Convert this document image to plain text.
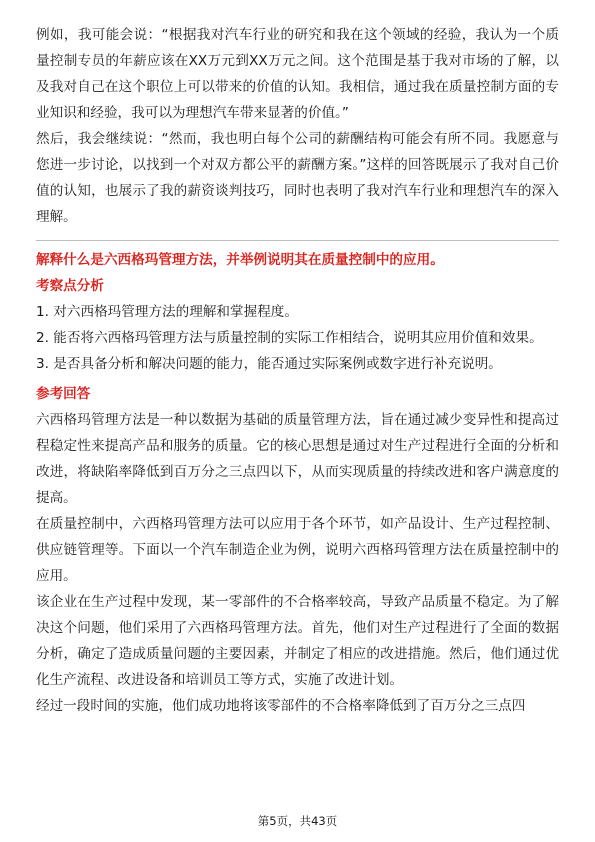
例如，我可能会说：“根据我对汽车行业的研究和我在这个领域的经验，我认为一个质量控制专员的年薪应该在XX万元到XX万元之间。这个范围是基于我对市场的了解，以及我对自己在这个职位上可以带来的价值的认知。我相信，通过我在质量控制方面的专业知识和经验，我可以为理想汽车带来显著的价值。”

然后，我会继续说：“然而，我也明白每个公司的薪酬结构可能会有所不同。我愿意与您进一步讨论，以找到一个对双方都公平的薪酬方案。”这样的回答既展示了我对自己价值的认知，也展示了我的薪资谈判技巧，同时也表明了我对汽车行业和理想汽车的深入理解。

解释什么是六西格玛管理方法，并举例说明其在质量控制中的应用。

考察点分析

1. 对六西格玛管理方法的理解和掌握程度。

2. 能否将六西格玛管理方法与质量控制的实际工作相结合，说明其应用价值和效果。

3. 是否具备分析和解决问题的能力，能否通过实际案例或数字进行补充说明。

参考回答

六西格玛管理方法是一种以数据为基础的质量管理方法，旨在通过减少变异性和提高过程稳定性来提高产品和服务的质量。它的核心思想是通过对生产过程进行全面的分析和改进，将缺陷率降低到百万分之三点四以下，从而实现质量的持续改进和客户满意度的提高。

在质量控制中，六西格玛管理方法可以应用于各个环节，如产品设计、生产过程控制、供应链管理等。下面以一个汽车制造企业为例，说明六西格玛管理方法在质量控制中的应用。

该企业在生产过程中发现，某一零部件的不合格率较高，导致产品质量不稳定。为了解决这个问题，他们采用了六西格玛管理方法。首先，他们对生产过程进行了全面的数据分析，确定了造成质量问题的主要因素，并制定了相应的改进措施。然后，他们通过优化生产流程、改进设备和培训员工等方式，实施了改进计划。

经过一段时间的实施，他们成功地将该零部件的不合格率降低到了百万分之三点四

第5页，共43页
